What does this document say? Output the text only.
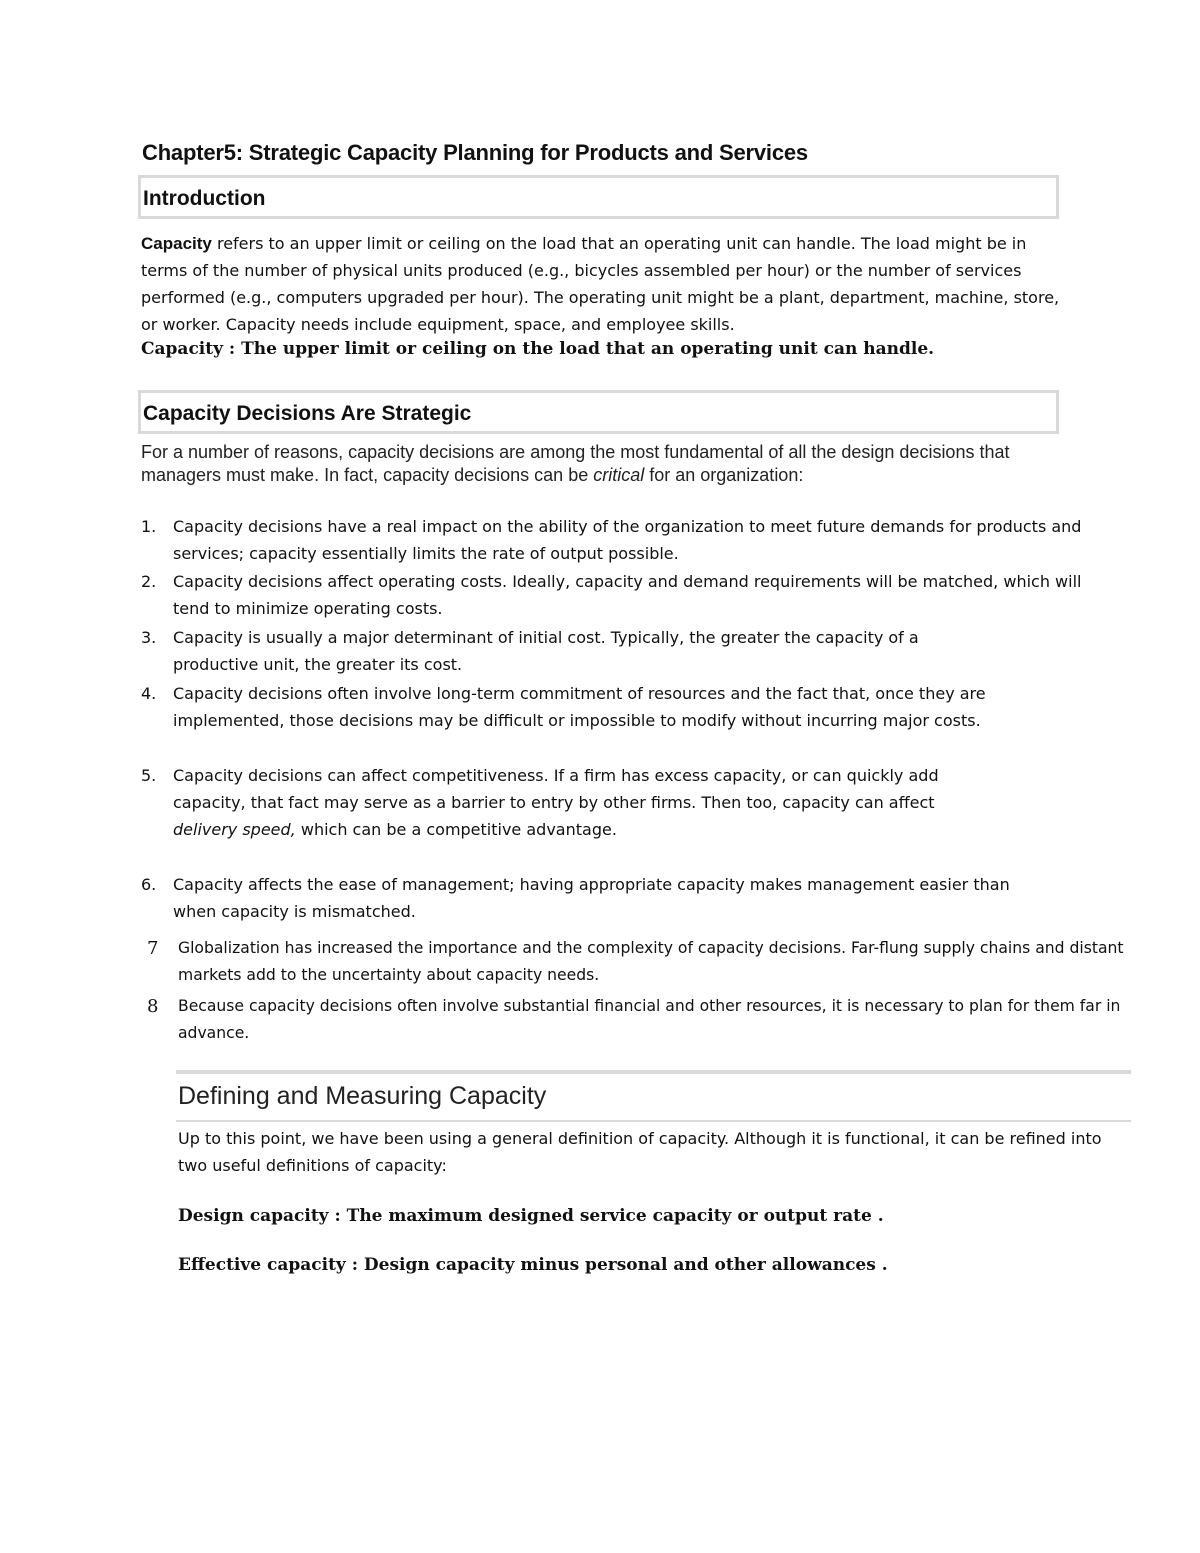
Chapter5: Strategic Capacity Planning for Products and Services
Introduction
Capacity refers to an upper limit or ceiling on the load that an operating unit can handle. The load might be in terms of the number of physical units produced (e.g., bicycles assembled per hour) or the number of services performed (e.g., computers upgraded per hour). The operating unit might be a plant, department, machine, store, or worker. Capacity needs include equipment, space, and employee skills.
Capacity : The upper limit or ceiling on the load that an operating unit can handle.
Capacity Decisions Are Strategic
For a number of reasons, capacity decisions are among the most fundamental of all the design decisions that managers must make. In fact, capacity decisions can be critical for an organization:
1.	Capacity decisions have a real impact on the ability of the organization to meet future demands for products and services; capacity essentially limits the rate of output possible.
2.	Capacity decisions affect operating costs. Ideally, capacity and demand requirements will be matched, which will tend to minimize operating costs.
3.	Capacity is usually a major determinant of initial cost. Typically, the greater the capacity of a productive unit, the greater its cost.
4.	Capacity decisions often involve long-term commitment of resources and the fact that, once they are implemented, those decisions may be difficult or impossible to modify without incurring major costs.
5.	Capacity decisions can affect competitiveness. If a firm has excess capacity, or can quickly add capacity, that fact may serve as a barrier to entry by other firms. Then too, capacity can affect delivery speed, which can be a competitive advantage.
6.	Capacity affects the ease of management; having appropriate capacity makes management easier than when capacity is mismatched.
7	Globalization has increased the importance and the complexity of capacity decisions. Far-flung supply chains and distant markets add to the uncertainty about capacity needs.
8	Because capacity decisions often involve substantial financial and other resources, it is necessary to plan for them far in advance.
Defining and Measuring Capacity
Up to this point, we have been using a general definition of capacity. Although it is functional, it can be refined into two useful definitions of capacity:
Design capacity : The maximum designed service capacity or output rate .
Effective capacity : Design capacity minus personal and other allowances .
